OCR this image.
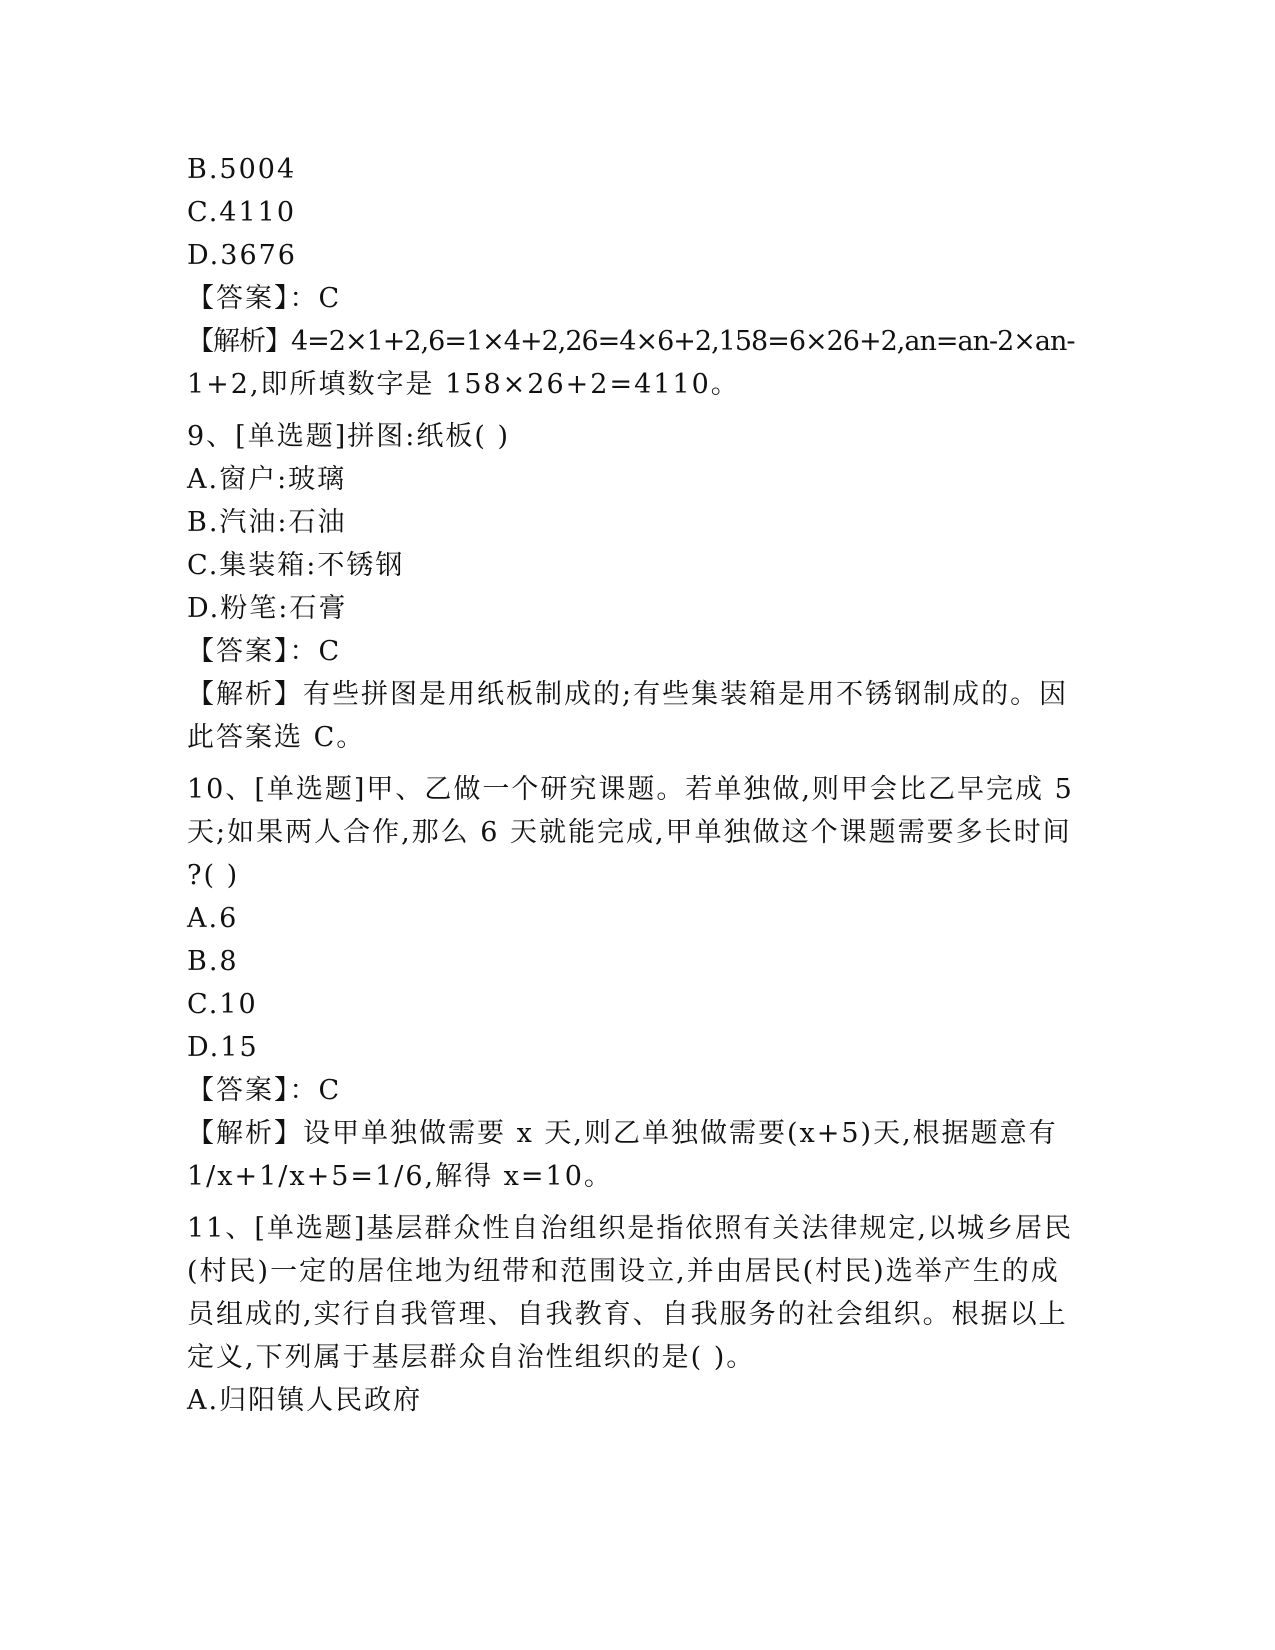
B.5004
C.4110
D.3676
【答案】：C
【解析】4=2×1+2,6=1×4+2,26=4×6+2,158=6×26+2,an=an-2×an-
1+2,即所填数字是 158×26+2=4110。
9、[单选题]拼图:纸板( )
A.窗户:玻璃
B.汽油:石油
C.集装箱:不锈钢
D.粉笔:石膏
【答案】：C
【解析】有些拼图是用纸板制成的;有些集装箱是用不锈钢制成的。因
此答案选 C。
10、[单选题]甲、乙做一个研究课题。若单独做,则甲会比乙早完成 5
天;如果两人合作,那么 6 天就能完成,甲单独做这个课题需要多长时间
?( )
A.6
B.8
C.10
D.15
【答案】：C
【解析】设甲单独做需要 x 天,则乙单独做需要(x+5)天,根据题意有
1/x+1/x+5=1/6,解得 x=10。
11、[单选题]基层群众性自治组织是指依照有关法律规定,以城乡居民
(村民)一定的居住地为纽带和范围设立,并由居民(村民)选举产生的成
员组成的,实行自我管理、自我教育、自我服务的社会组织。根据以上
定义,下列属于基层群众自治性组织的是( )。
A.归阳镇人民政府
